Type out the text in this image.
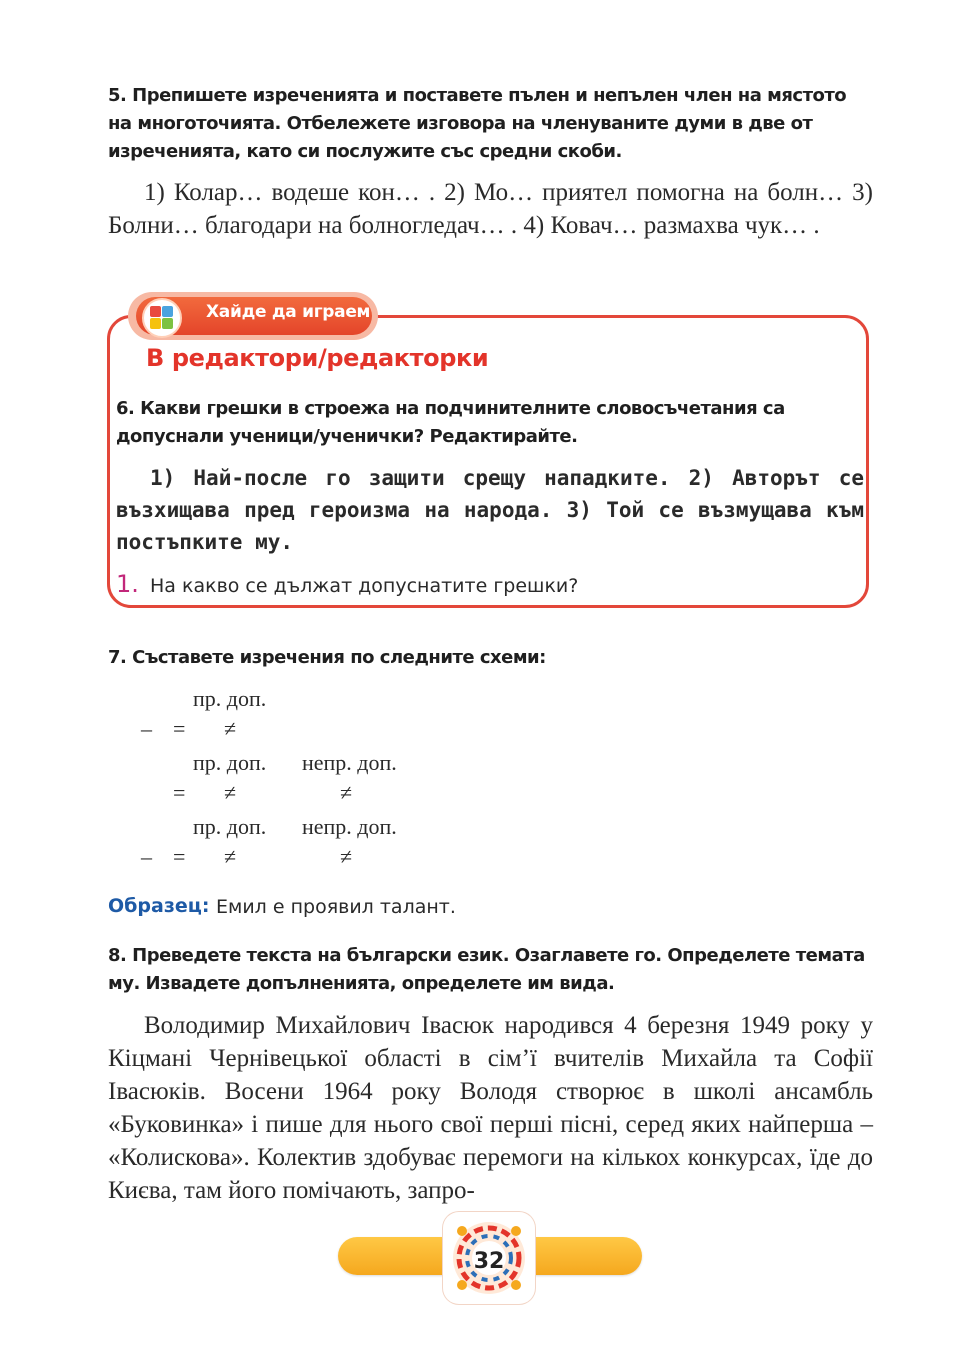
5. Препишете изреченията и поставете пълен и непълен член на мястото на многоточията. Отбележете изговора на членуваните думи в две от изреченията, като си послужите със средни скоби.
1) Колар… водеше кон… . 2) Мо… приятел помогна на болн… 3) Болни… благодари на болногледач… . 4) Ковач… размахва чук… .
Хайде да играем
В редактори/редакторки
6. Какви грешки в строежа на подчинителните словосъчетания са допуснали ученици/ученички? Редактирайте.
1) Най-после го защити срещу нападките. 2) Авторът се възхищава пред героизма на народа. 3) Той се възмущава към постъпките му.
1. На какво се дължат допуснатите грешки?
7. Съставете изречения по следните схеми:
пр. доп.
– = ≠
пр. доп. непр. доп.
= ≠	≠
пр. доп. непр. доп.
– = ≠	≠
Образец: Емил е проявил талант.
8. Преведете текста на български език. Озаглавете го. Определете темата му. Извадете допълненията, определете им вида.
Володимир Михайлович Івасюк народився 4 березня 1949 року у Кіцмані Чернівецької області в сім’ї вчителів Михайла та Софії Івасюків. Восени 1964 року Володя створює в школі ансамбль «Буковинка» і пише для нього свої перші пісні, серед яких найперша – «Колискова». Колектив здобуває перемоги на кількох конкурсах, їде до Києва, там його помічають, запро-
32
